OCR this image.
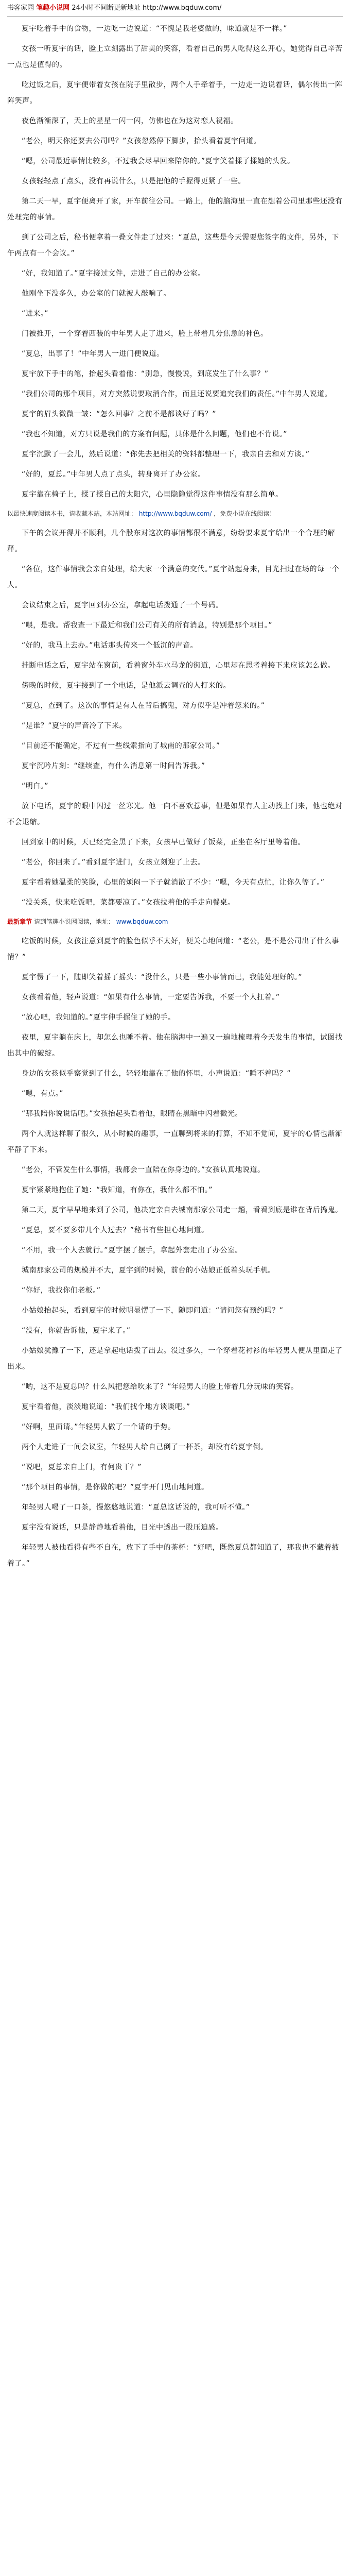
书客家园 笔趣小说网 24小时不间断更新地址 http://www.bqduw.com/

夏宇吃着手中的食物，一边吃一边说道：“不愧是我老婆做的，味道就是不一样。”

女孩一听夏宇的话，脸上立刻露出了甜美的笑容，看着自己的男人吃得这么开心，她觉得自己辛苦一点也是值得的。

吃过饭之后，夏宇便带着女孩在院子里散步，两个人手牵着手，一边走一边说着话，偶尔传出一阵阵笑声。

夜色渐渐深了，天上的星星一闪一闪，仿佛也在为这对恋人祝福。

“老公，明天你还要去公司吗？”女孩忽然停下脚步，抬头看着夏宇问道。

“嗯，公司最近事情比较多，不过我会尽早回来陪你的。”夏宇笑着揉了揉她的头发。

女孩轻轻点了点头，没有再说什么，只是把他的手握得更紧了一些。

第二天一早，夏宇便离开了家，开车前往公司。一路上，他的脑海里一直在想着公司里那些还没有处理完的事情。

到了公司之后，秘书便拿着一叠文件走了过来：“夏总，这些是今天需要您签字的文件，另外，下午两点有一个会议。”

“好，我知道了。”夏宇接过文件，走进了自己的办公室。

他刚坐下没多久，办公室的门就被人敲响了。

“进来。”

门被推开，一个穿着西装的中年男人走了进来，脸上带着几分焦急的神色。

“夏总，出事了！”中年男人一进门便说道。

夏宇放下手中的笔，抬起头看着他：“别急，慢慢说，到底发生了什么事？”

“我们公司的那个项目，对方突然说要取消合作，而且还说要追究我们的责任。”中年男人说道。

夏宇的眉头微微一皱：“怎么回事？之前不是都谈好了吗？”

“我也不知道，对方只说是我们的方案有问题，具体是什么问题，他们也不肯说。”

夏宇沉默了一会儿，然后说道：“你先去把相关的资料都整理一下，我亲自去和对方谈。”

“好的，夏总。”中年男人点了点头，转身离开了办公室。

夏宇靠在椅子上，揉了揉自己的太阳穴，心里隐隐觉得这件事情没有那么简单。

以最快速度阅读本书，请收藏本站，本站网址： http://www.bqduw.com/ ，免费小说在线阅读！

下午的会议开得并不顺利，几个股东对这次的事情都很不满意，纷纷要求夏宇给出一个合理的解释。

“各位，这件事情我会亲自处理，给大家一个满意的交代。”夏宇站起身来，目光扫过在场的每一个人。

会议结束之后，夏宇回到办公室，拿起电话拨通了一个号码。

“喂，是我。帮我查一下最近和我们公司有关的所有消息，特别是那个项目。”

“好的，我马上去办。”电话那头传来一个低沉的声音。

挂断电话之后，夏宇站在窗前，看着窗外车水马龙的街道，心里却在思考着接下来应该怎么做。

傍晚的时候，夏宇接到了一个电话，是他派去调查的人打来的。

“夏总，查到了。这次的事情是有人在背后搞鬼，对方似乎是冲着您来的。”

“是谁？”夏宇的声音冷了下来。

“目前还不能确定，不过有一些线索指向了城南的那家公司。”

夏宇沉吟片刻：“继续查，有什么消息第一时间告诉我。”

“明白。”

放下电话，夏宇的眼中闪过一丝寒光。他一向不喜欢惹事，但是如果有人主动找上门来，他也绝对不会退缩。

回到家中的时候，天已经完全黑了下来，女孩早已做好了饭菜，正坐在客厅里等着他。

“老公，你回来了。”看到夏宇进门，女孩立刻迎了上去。

夏宇看着她温柔的笑脸，心里的烦闷一下子就消散了不少：“嗯，今天有点忙，让你久等了。”

“没关系，快来吃饭吧，菜都要凉了。”女孩拉着他的手走向餐桌。

最新章节 请到笔趣小说网阅读，地址： www.bqduw.com

吃饭的时候，女孩注意到夏宇的脸色似乎不太好，便关心地问道：“老公，是不是公司出了什么事情？”

夏宇愣了一下，随即笑着摇了摇头：“没什么，只是一些小事情而已，我能处理好的。”

女孩看着他，轻声说道：“如果有什么事情，一定要告诉我，不要一个人扛着。”

“放心吧，我知道的。”夏宇伸手握住了她的手。

夜里，夏宇躺在床上，却怎么也睡不着。他在脑海中一遍又一遍地梳理着今天发生的事情，试图找出其中的破绽。

身边的女孩似乎察觉到了什么，轻轻地靠在了他的怀里，小声说道：“睡不着吗？”

“嗯，有点。”

“那我陪你说说话吧。”女孩抬起头看着他，眼睛在黑暗中闪着微光。

两个人就这样聊了很久，从小时候的趣事，一直聊到将来的打算，不知不觉间，夏宇的心情也渐渐平静了下来。

“老公，不管发生什么事情，我都会一直陪在你身边的。”女孩认真地说道。

夏宇紧紧地抱住了她：“我知道，有你在，我什么都不怕。”

第二天，夏宇早早地来到了公司，他决定亲自去城南那家公司走一趟，看看到底是谁在背后捣鬼。

“夏总，要不要多带几个人过去？”秘书有些担心地问道。

“不用，我一个人去就行。”夏宇摆了摆手，拿起外套走出了办公室。

城南那家公司的规模并不大，夏宇到的时候，前台的小姑娘正低着头玩手机。

“你好，我找你们老板。”

小姑娘抬起头，看到夏宇的时候明显愣了一下，随即问道：“请问您有预约吗？”

“没有，你就告诉他，夏宇来了。”

小姑娘犹豫了一下，还是拿起电话拨了出去。没过多久，一个穿着花衬衫的年轻男人便从里面走了出来。

“哟，这不是夏总吗？什么风把您给吹来了？”年轻男人的脸上带着几分玩味的笑容。

夏宇看着他，淡淡地说道：“我们找个地方谈谈吧。”

“好啊，里面请。”年轻男人做了一个请的手势。

两个人走进了一间会议室，年轻男人给自己倒了一杯茶，却没有给夏宇倒。

“说吧，夏总亲自上门，有何贵干？”

“那个项目的事情，是你做的吧？”夏宇开门见山地问道。

年轻男人喝了一口茶，慢悠悠地说道：“夏总这话说的，我可听不懂。”

夏宇没有说话，只是静静地看着他，目光中透出一股压迫感。

年轻男人被他看得有些不自在，放下了手中的茶杯：“好吧，既然夏总都知道了，那我也不藏着掖着了。”
